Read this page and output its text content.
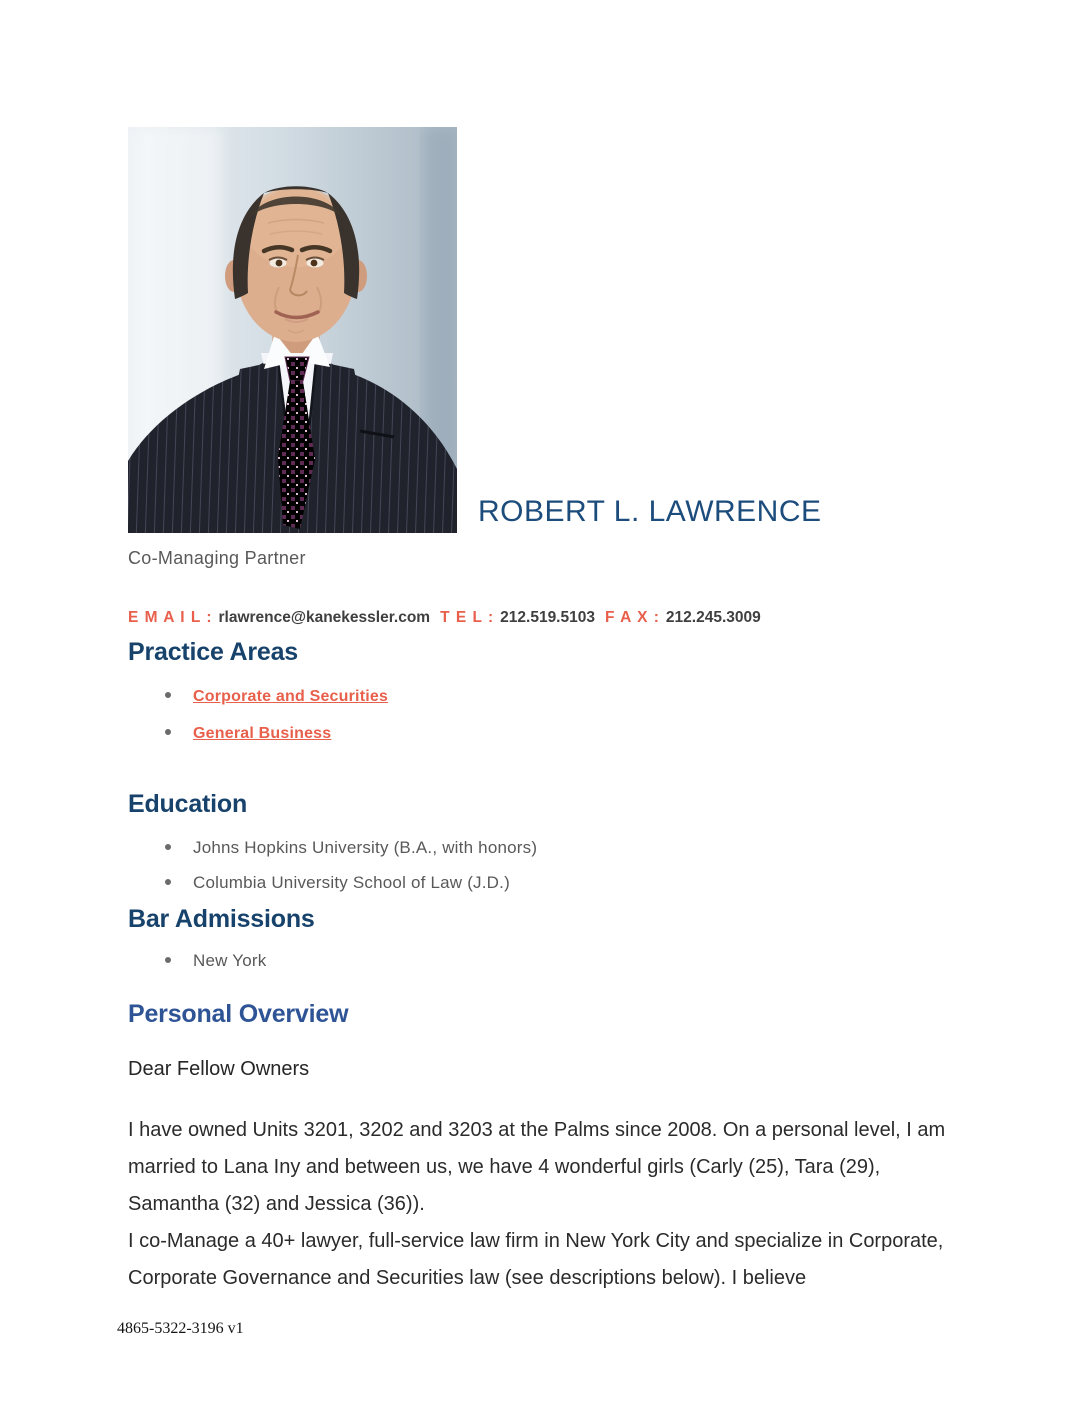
ROBERT L. LAWRENCE
Co-Managing Partner
E M A I L : rlawrence@kanekessler.com T E L : 212.519.5103 F A X : 212.245.3009
Practice Areas
Corporate and Securities
General Business
Education
Johns Hopkins University (B.A., with honors)
Columbia University School of Law (J.D.)
Bar Admissions
New York
Personal Overview
Dear Fellow Owners

I have owned Units 3201, 3202 and 3203 at the Palms since 2008. On a personal level, I am married to Lana Iny and between us, we have 4 wonderful girls (Carly (25), Tara (29), Samantha (32) and Jessica (36)).

I co-Manage a 40+ lawyer, full-service law firm in New York City and specialize in Corporate, Corporate Governance and Securities law (see descriptions below). I believe

4865-5322-3196 v1
